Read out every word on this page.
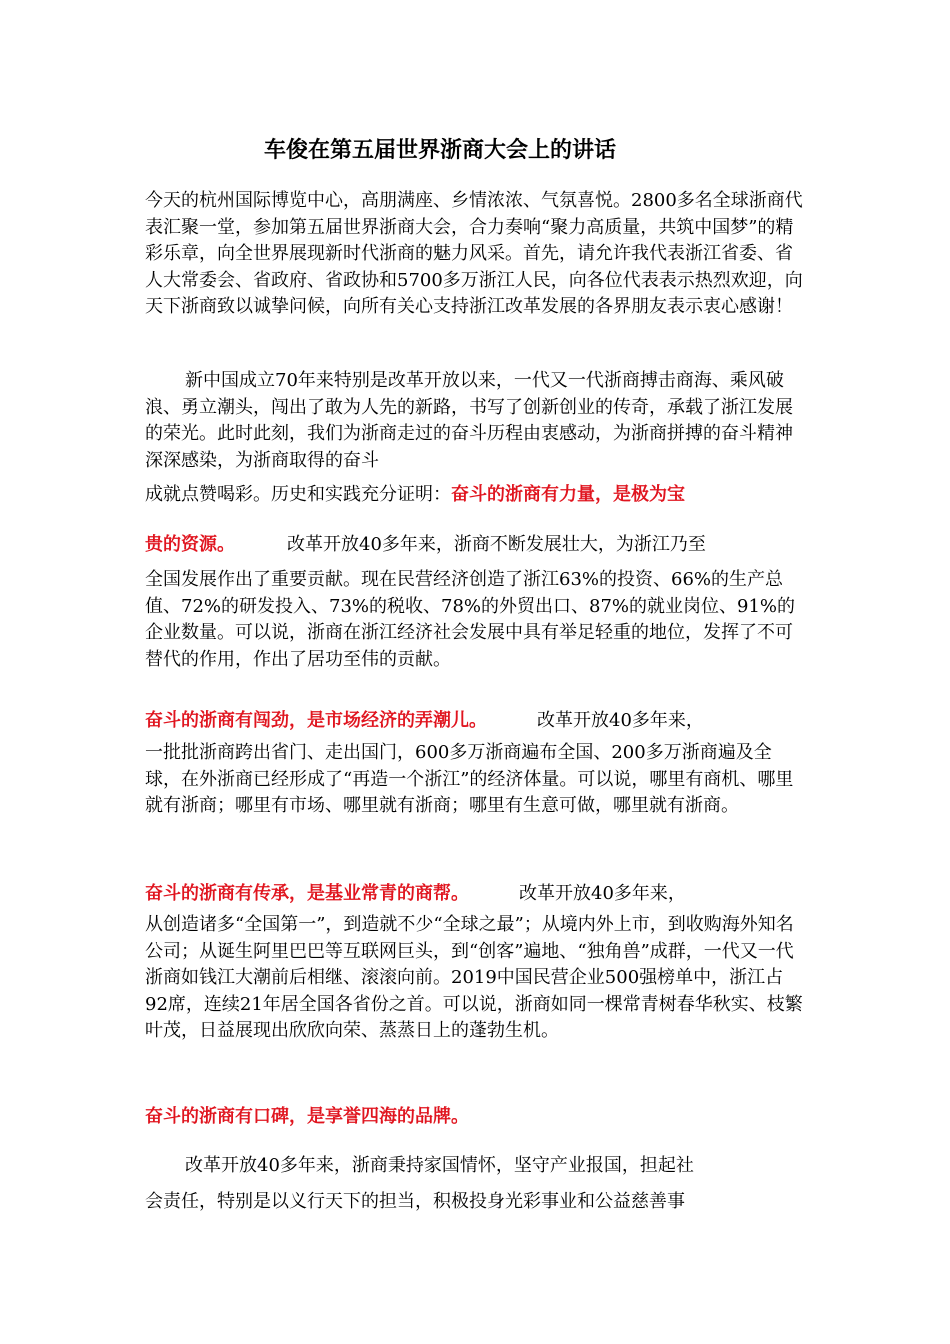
车俊在第五届世界浙商大会上的讲话

今天的杭州国际博览中心，高朋满座、乡情浓浓、气氛喜悦。2800多名全球浙商代表汇聚一堂，参加第五届世界浙商大会，合力奏响“聚力高质量，共筑中国梦”的精彩乐章，向全世界展现新时代浙商的魅力风采。首先，请允许我代表浙江省委、省人大常委会、省政府、省政协和5700多万浙江人民，向各位代表表示热烈欢迎，向天下浙商致以诚挚问候，向所有关心支持浙江改革发展的各界朋友表示衷心感谢！

新中国成立70年来特别是改革开放以来，一代又一代浙商搏击商海、乘风破浪、勇立潮头，闯出了敢为人先的新路，书写了创新创业的传奇，承载了浙江发展的荣光。此时此刻，我们为浙商走过的奋斗历程由衷感动，为浙商拼搏的奋斗精神深深感染，为浙商取得的奋斗

成就点赞喝彩。历史和实践充分证明：奋斗的浙商有力量，是极为宝
贵的资源。	改革开放40多年来，浙商不断发展壮大，为浙江乃至

全国发展作出了重要贡献。现在民营经济创造了浙江63%的投资、66%的生产总值、72%的研发投入、73%的税收、78%的外贸出口、87%的就业岗位、91%的企业数量。可以说，浙商在浙江经济社会发展中具有举足轻重的地位，发挥了不可替代的作用，作出了居功至伟的贡献。

奋斗的浙商有闯劲，是市场经济的弄潮儿。	改革开放40多年来，

一批批浙商跨出省门、走出国门，600多万浙商遍布全国、200多万浙商遍及全球，在外浙商已经形成了“再造一个浙江”的经济体量。可以说，哪里有商机、哪里就有浙商；哪里有市场、哪里就有浙商；哪里有生意可做，哪里就有浙商。

奋斗的浙商有传承，是基业常青的商帮。	改革开放40多年来，

从创造诸多“全国第一”，到造就不少“全球之最”；从境内外上市，到收购海外知名公司；从诞生阿里巴巴等互联网巨头，到“创客”遍地、“独角兽”成群，一代又一代浙商如钱江大潮前后相继、滚滚向前。2019中国民营企业500强榜单中，浙江占92席，连续21年居全国各省份之首。可以说，浙商如同一棵常青树春华秋实、枝繁叶茂，日益展现出欣欣向荣、蒸蒸日上的蓬勃生机。

奋斗的浙商有口碑，是享誉四海的品牌。
改革开放40多年来，浙商秉持家国情怀，坚守产业报国，担起社
会责任，特别是以义行天下的担当，积极投身光彩事业和公益慈善事
